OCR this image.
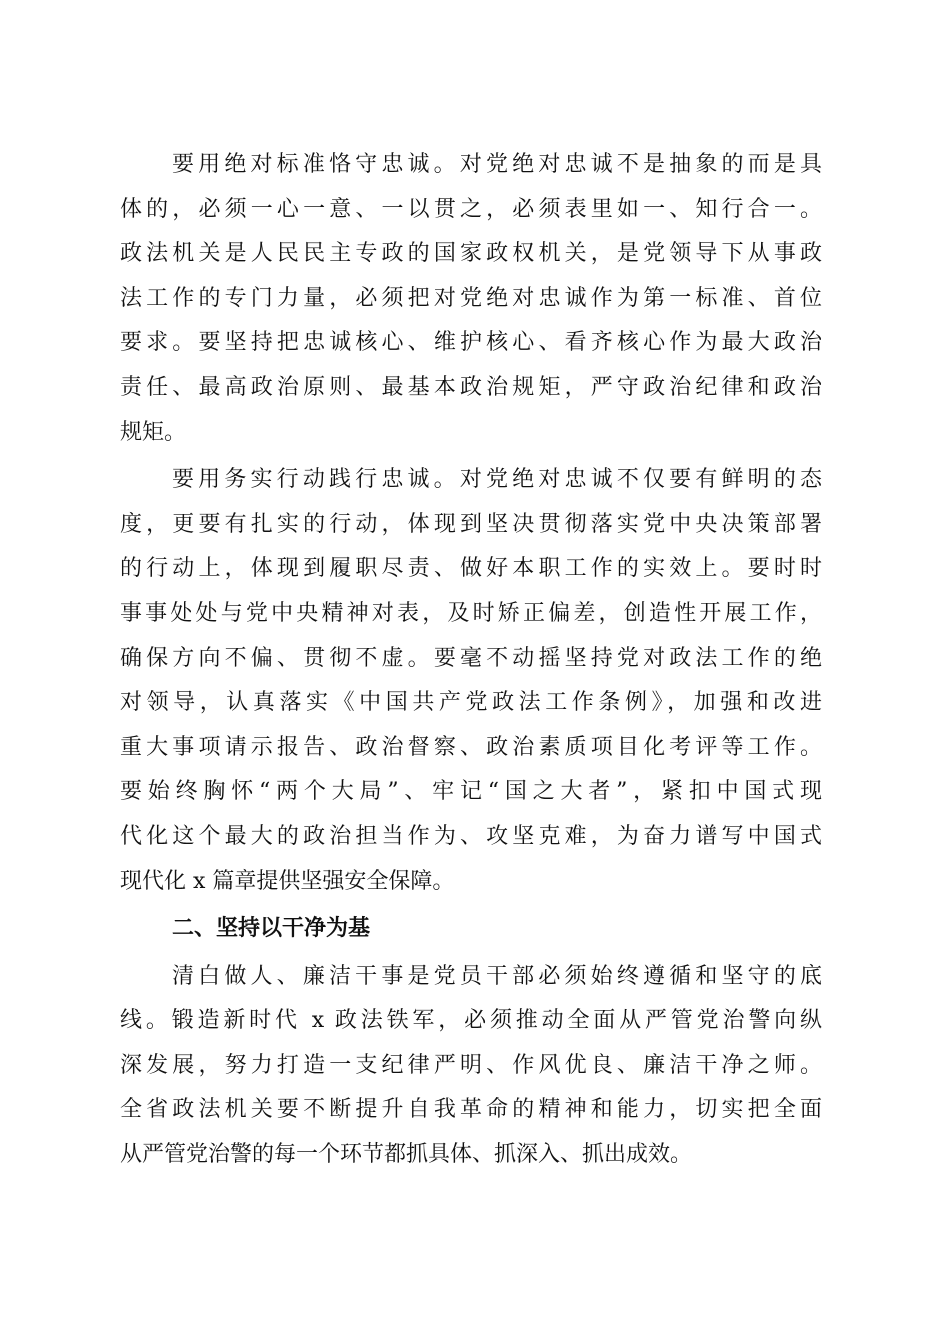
要用绝对标准恪守忠诚。对党绝对忠诚不是抽象的而是具
体的，必须一心一意、一以贯之，必须表里如一、知行合一。
政法机关是人民民主专政的国家政权机关，是党领导下从事政
法工作的专门力量，必须把对党绝对忠诚作为第一标准、首位
要求。要坚持把忠诚核心、维护核心、看齐核心作为最大政治
责任、最高政治原则、最基本政治规矩，严守政治纪律和政治
规矩。
要用务实行动践行忠诚。对党绝对忠诚不仅要有鲜明的态
度，更要有扎实的行动，体现到坚决贯彻落实党中央决策部署
的行动上，体现到履职尽责、做好本职工作的实效上。要时时
事事处处与党中央精神对表，及时矫正偏差，创造性开展工作，
确保方向不偏、贯彻不虚。要毫不动摇坚持党对政法工作的绝
对领导，认真落实《中国共产党政法工作条例》，加强和改进
重大事项请示报告、政治督察、政治素质项目化考评等工作。
要始终胸怀“两个大局”、牢记“国之大者”，紧扣中国式现
代化这个最大的政治担当作为、攻坚克难，为奋力谱写中国式
现代化 x 篇章提供坚强安全保障。
二、坚持以干净为基
清白做人、廉洁干事是党员干部必须始终遵循和坚守的底
线。锻造新时代 x 政法铁军，必须推动全面从严管党治警向纵
深发展，努力打造一支纪律严明、作风优良、廉洁干净之师。
全省政法机关要不断提升自我革命的精神和能力，切实把全面
从严管党治警的每一个环节都抓具体、抓深入、抓出成效。
